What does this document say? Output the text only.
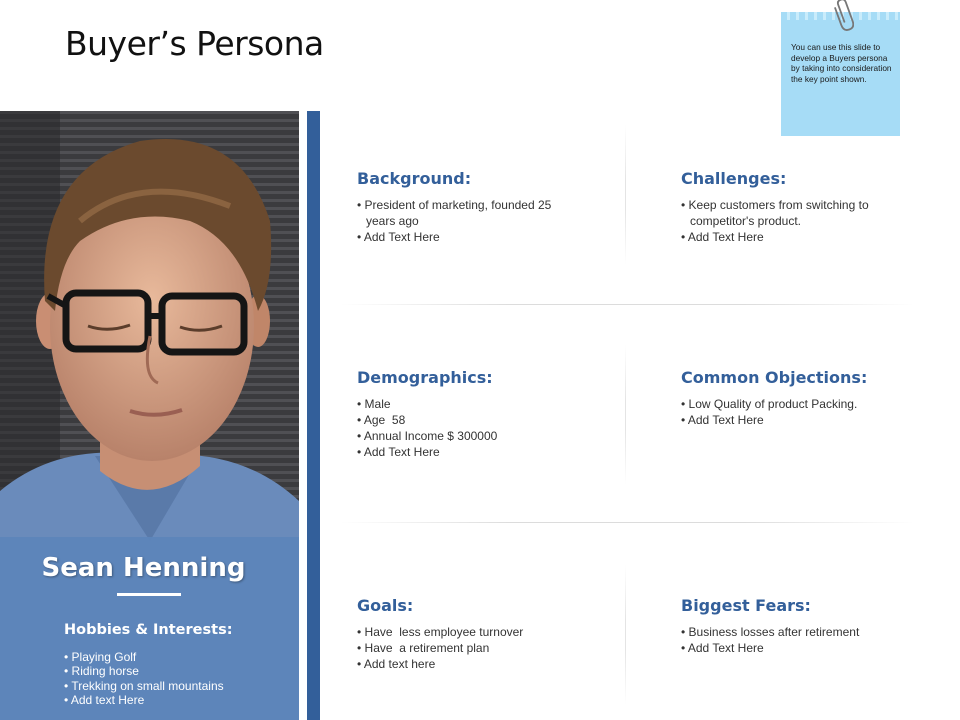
Buyer’s Persona	You can use this slide to develop a Buyers persona by taking into consideration the key point shown.
Sean Henning
Hobbies & Interests:
• Playing Golf
• Riding horse
• Trekking on small mountains
• Add text Here
Background:
• President of marketing, founded 25 years ago
• Add Text Here
Challenges:
• Keep customers from switching to competitor's product.
• Add Text Here
Demographics:
• Male
• Age  58
• Annual Income $ 300000
• Add Text Here
Common Objections:
• Low Quality of product Packing.
• Add Text Here
Goals:
• Have  less employee turnover
• Have  a retirement plan
• Add text here
Biggest Fears:
• Business losses after retirement
• Add Text Here
